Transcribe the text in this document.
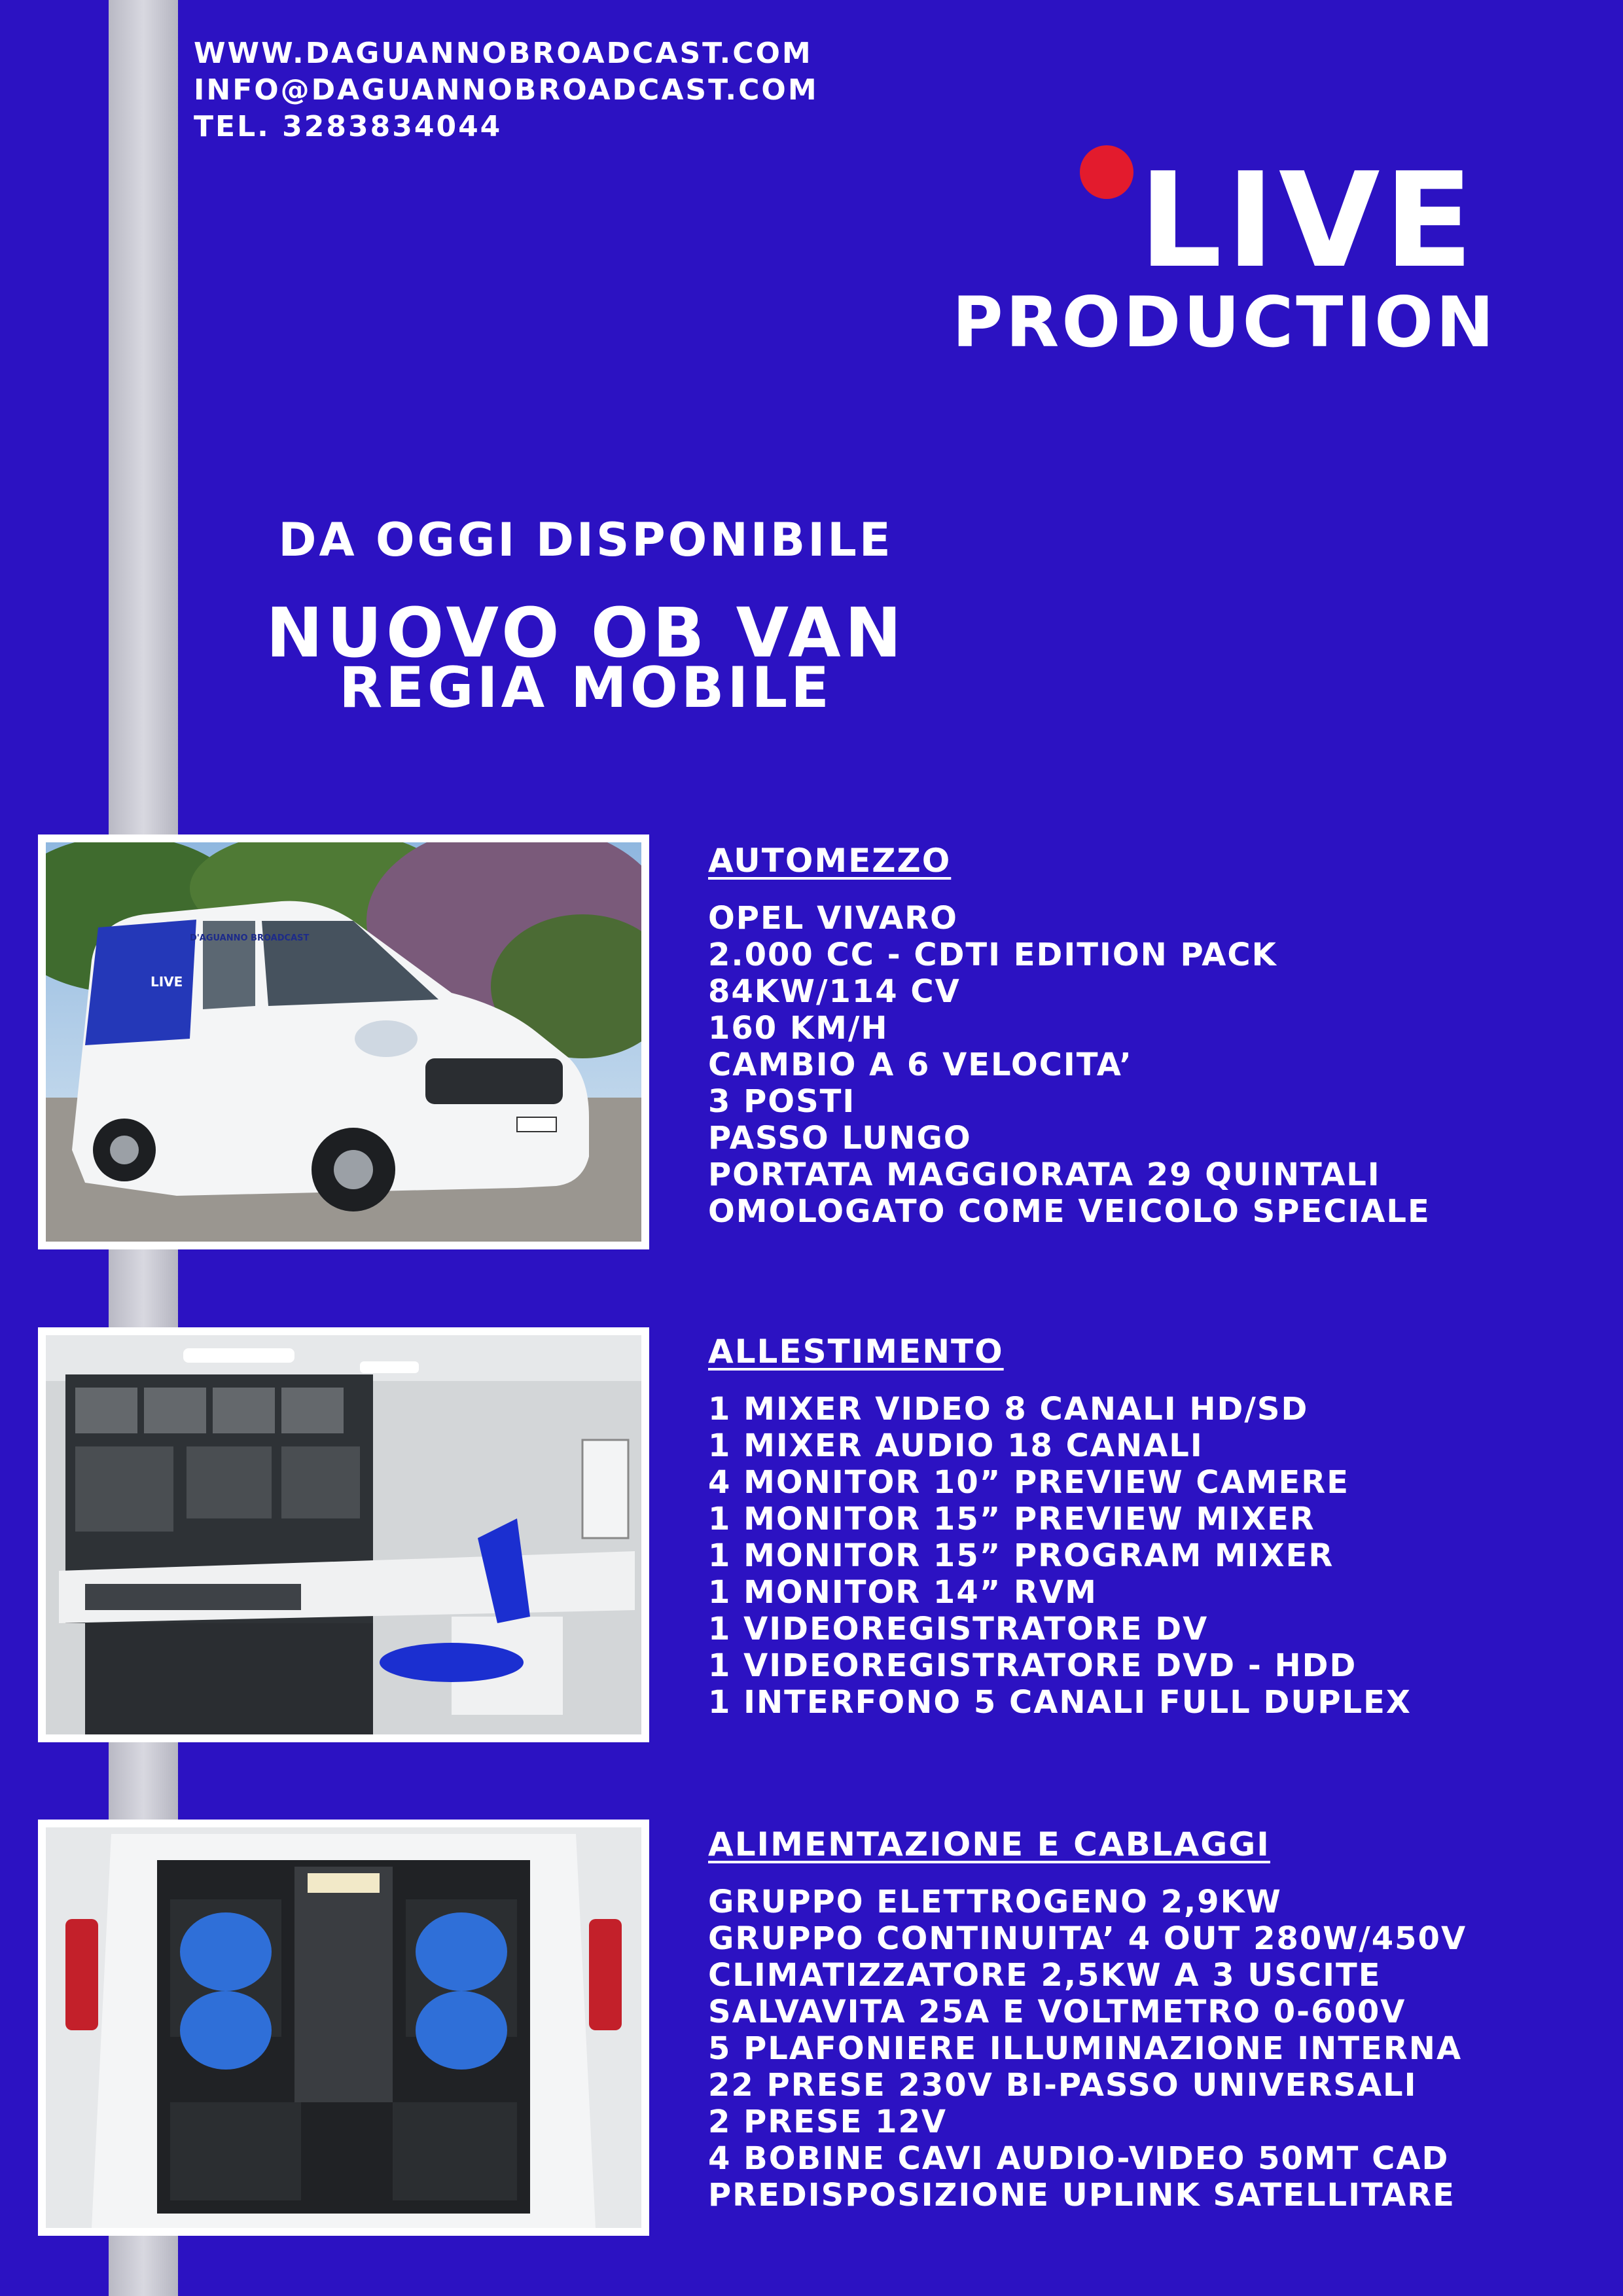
WWW.DAGUANNOBROADCAST.COM
INFO@DAGUANNOBROADCAST.COM
TEL. 3283834044
LIVE
PRODUCTION
DA OGGI DISPONIBILE
NUOVO OB VAN
REGIA MOBILE
LIVE
D'AGUANNO BROADCAST
AUTOMEZZO
OPEL VIVARO
2.000 CC - CDTI EDITION PACK
84KW/114 CV
160 KM/H
CAMBIO A 6 VELOCITA’
3 POSTI
PASSO LUNGO
PORTATA MAGGIORATA 29 QUINTALI
OMOLOGATO COME VEICOLO SPECIALE
ALLESTIMENTO
1 MIXER VIDEO 8 CANALI HD/SD
1 MIXER AUDIO 18 CANALI
4 MONITOR 10” PREVIEW CAMERE
1 MONITOR 15” PREVIEW MIXER
1 MONITOR 15” PROGRAM MIXER
1 MONITOR 14” RVM
1 VIDEOREGISTRATORE DV
1 VIDEOREGISTRATORE DVD - HDD
1 INTERFONO 5 CANALI FULL DUPLEX
ALIMENTAZIONE E CABLAGGI
GRUPPO ELETTROGENO 2,9KW
GRUPPO CONTINUITA’ 4 OUT 280W/450V
CLIMATIZZATORE 2,5KW A 3 USCITE
SALVAVITA 25A E VOLTMETRO 0-600V
5 PLAFONIERE ILLUMINAZIONE INTERNA
22 PRESE 230V BI-PASSO UNIVERSALI
2 PRESE 12V
4 BOBINE CAVI AUDIO-VIDEO 50MT CAD
PREDISPOSIZIONE UPLINK SATELLITARE
